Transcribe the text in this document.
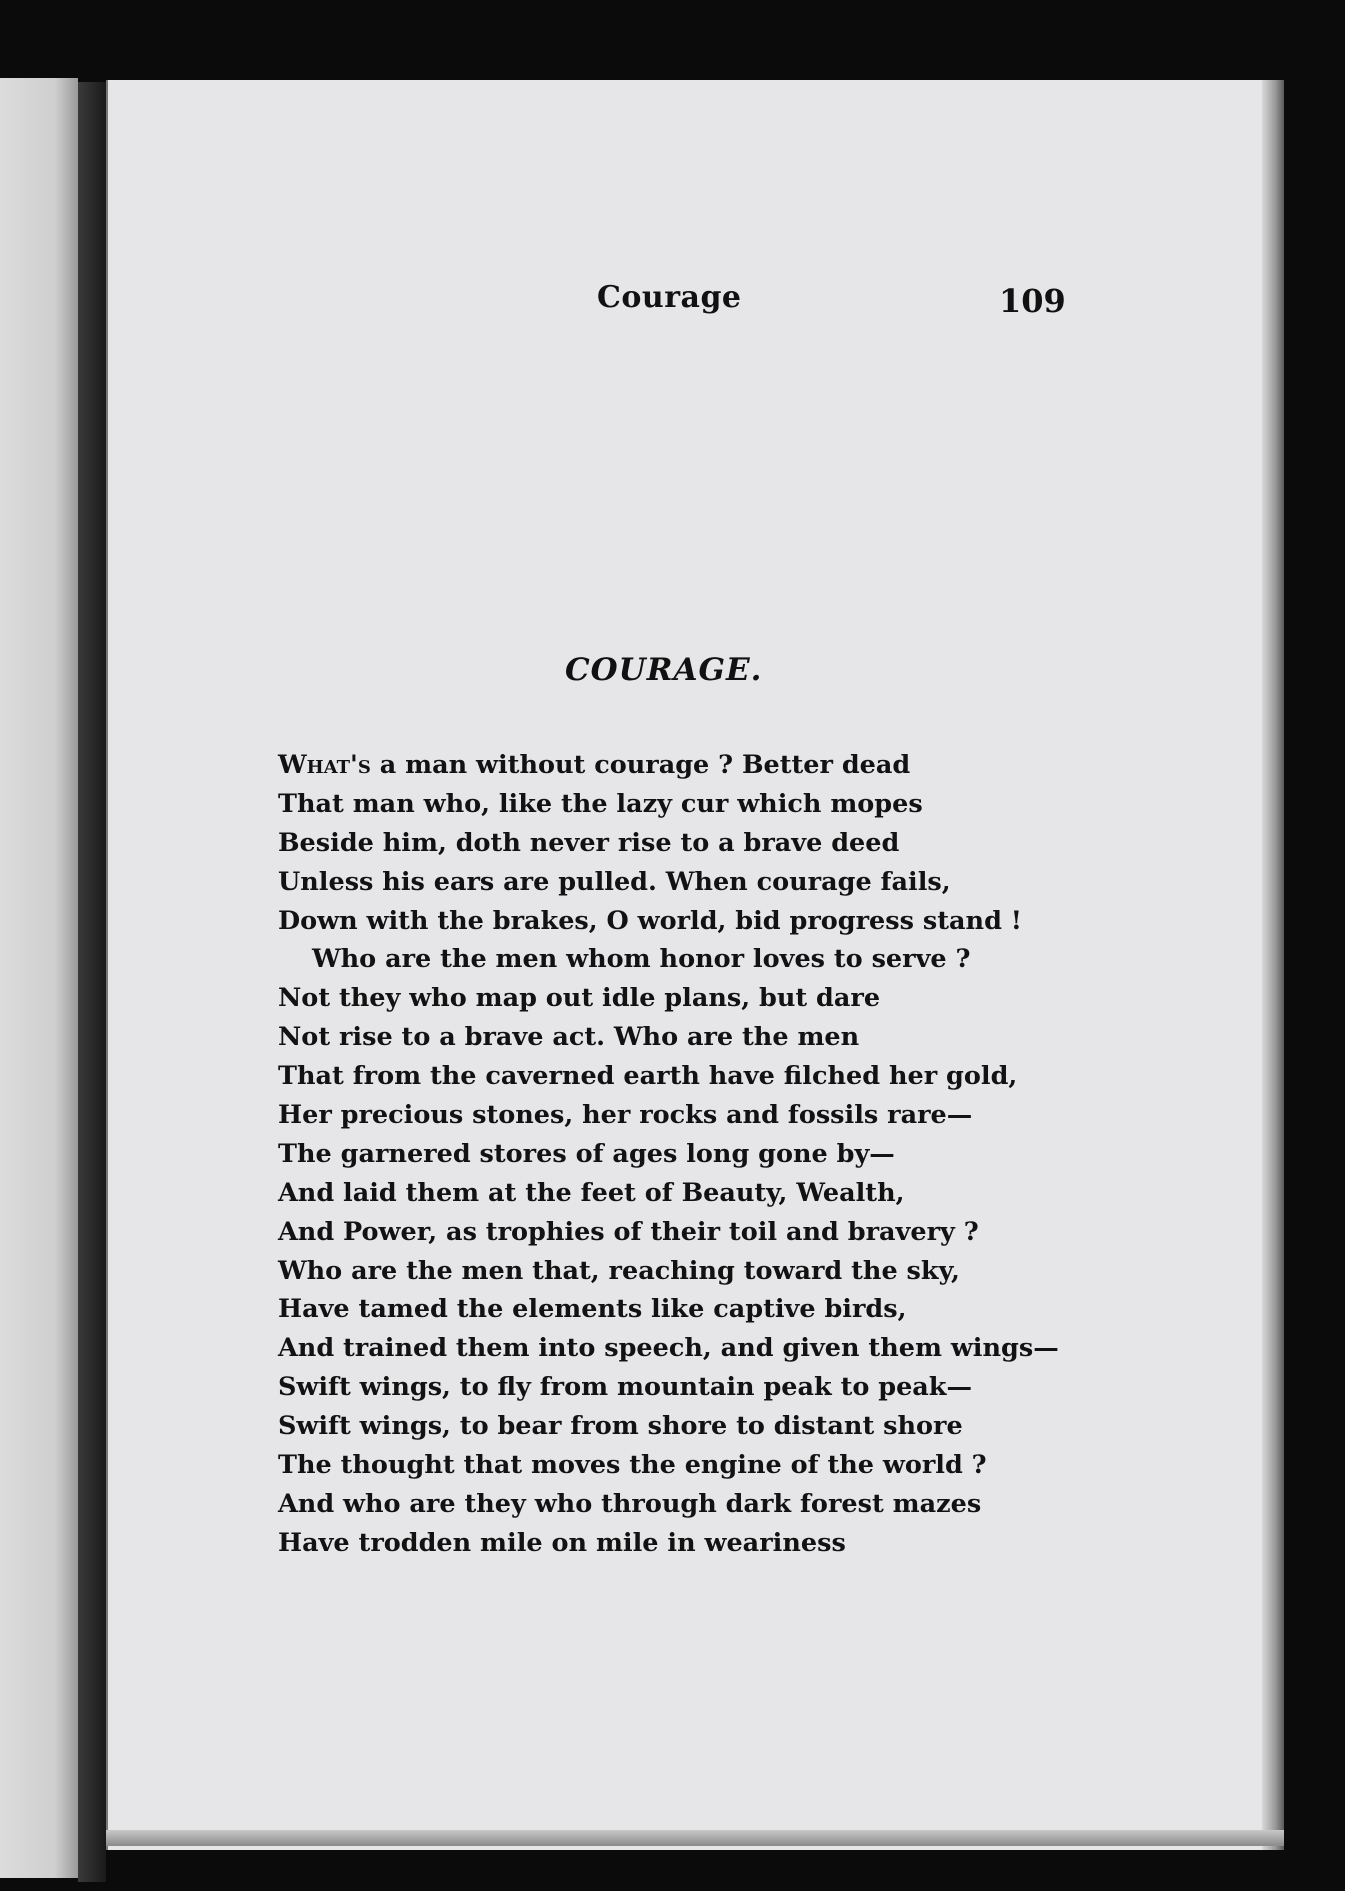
Courage	109
COURAGE.
What's a man without courage ? Better dead
That man who, like the lazy cur which mopes
Beside him, doth never rise to a brave deed
Unless his ears are pulled. When courage fails,
Down with the brakes, O world, bid progress stand !
Who are the men whom honor loves to serve ?
Not they who map out idle plans, but dare
Not rise to a brave act. Who are the men
That from the caverned earth have filched her gold,
Her precious stones, her rocks and fossils rare—
The garnered stores of ages long gone by—
And laid them at the feet of Beauty, Wealth,
And Power, as trophies of their toil and bravery ?
Who are the men that, reaching toward the sky,
Have tamed the elements like captive birds,
And trained them into speech, and given them wings—
Swift wings, to fly from mountain peak to peak—
Swift wings, to bear from shore to distant shore
The thought that moves the engine of the world ?
And who are they who through dark forest mazes
Have trodden mile on mile in weariness
